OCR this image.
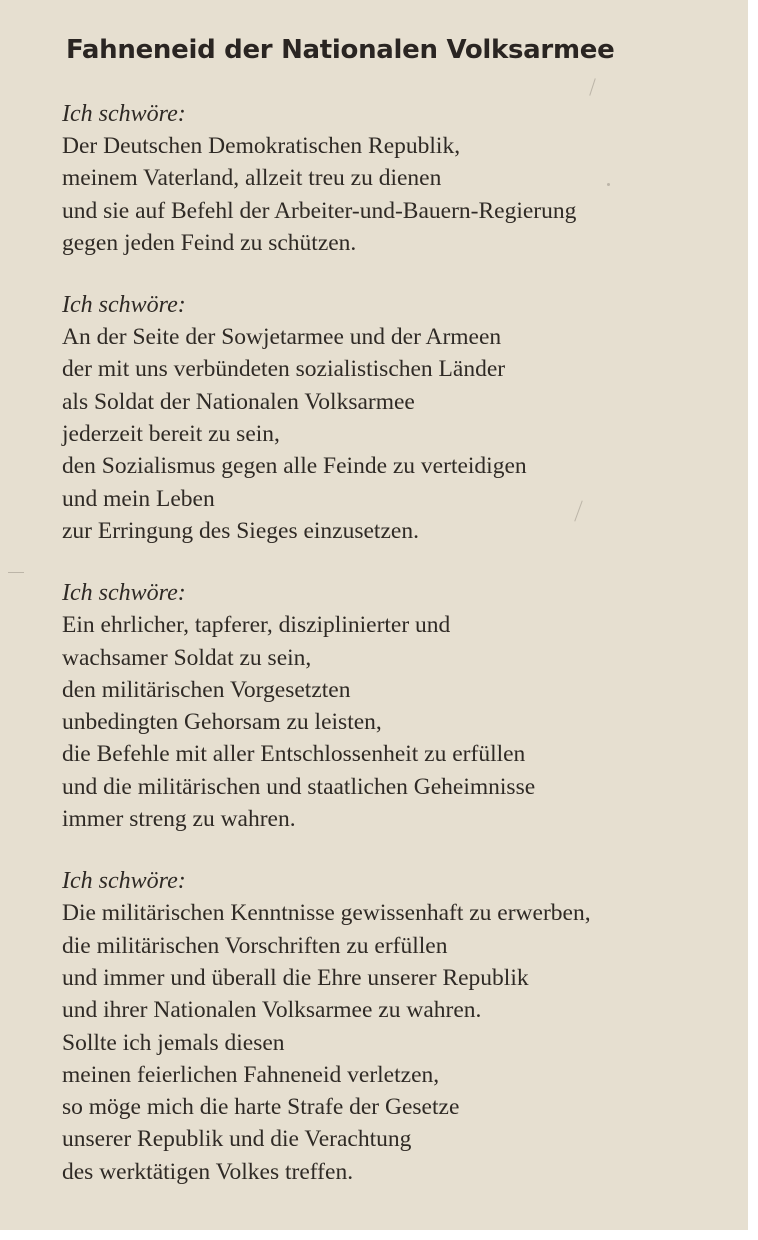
Fahneneid der Nationalen Volksarmee
Ich schwöre:
Der Deutschen Demokratischen Republik,
meinem Vaterland, allzeit treu zu dienen
und sie auf Befehl der Arbeiter-und-Bauern-Regierung
gegen jeden Feind zu schützen.
Ich schwöre:
An der Seite der Sowjetarmee und der Armeen
der mit uns verbündeten sozialistischen Länder
als Soldat der Nationalen Volksarmee
jederzeit bereit zu sein,
den Sozialismus gegen alle Feinde zu verteidigen
und mein Leben
zur Erringung des Sieges einzusetzen.
Ich schwöre:
Ein ehrlicher, tapferer, disziplinierter und
wachsamer Soldat zu sein,
den militärischen Vorgesetzten
unbedingten Gehorsam zu leisten,
die Befehle mit aller Entschlossenheit zu erfüllen
und die militärischen und staatlichen Geheimnisse
immer streng zu wahren.
Ich schwöre:
Die militärischen Kenntnisse gewissenhaft zu erwerben,
die militärischen Vorschriften zu erfüllen
und immer und überall die Ehre unserer Republik
und ihrer Nationalen Volksarmee zu wahren.
Sollte ich jemals diesen
meinen feierlichen Fahneneid verletzen,
so möge mich die harte Strafe der Gesetze
unserer Republik und die Verachtung
des werktätigen Volkes treffen.
